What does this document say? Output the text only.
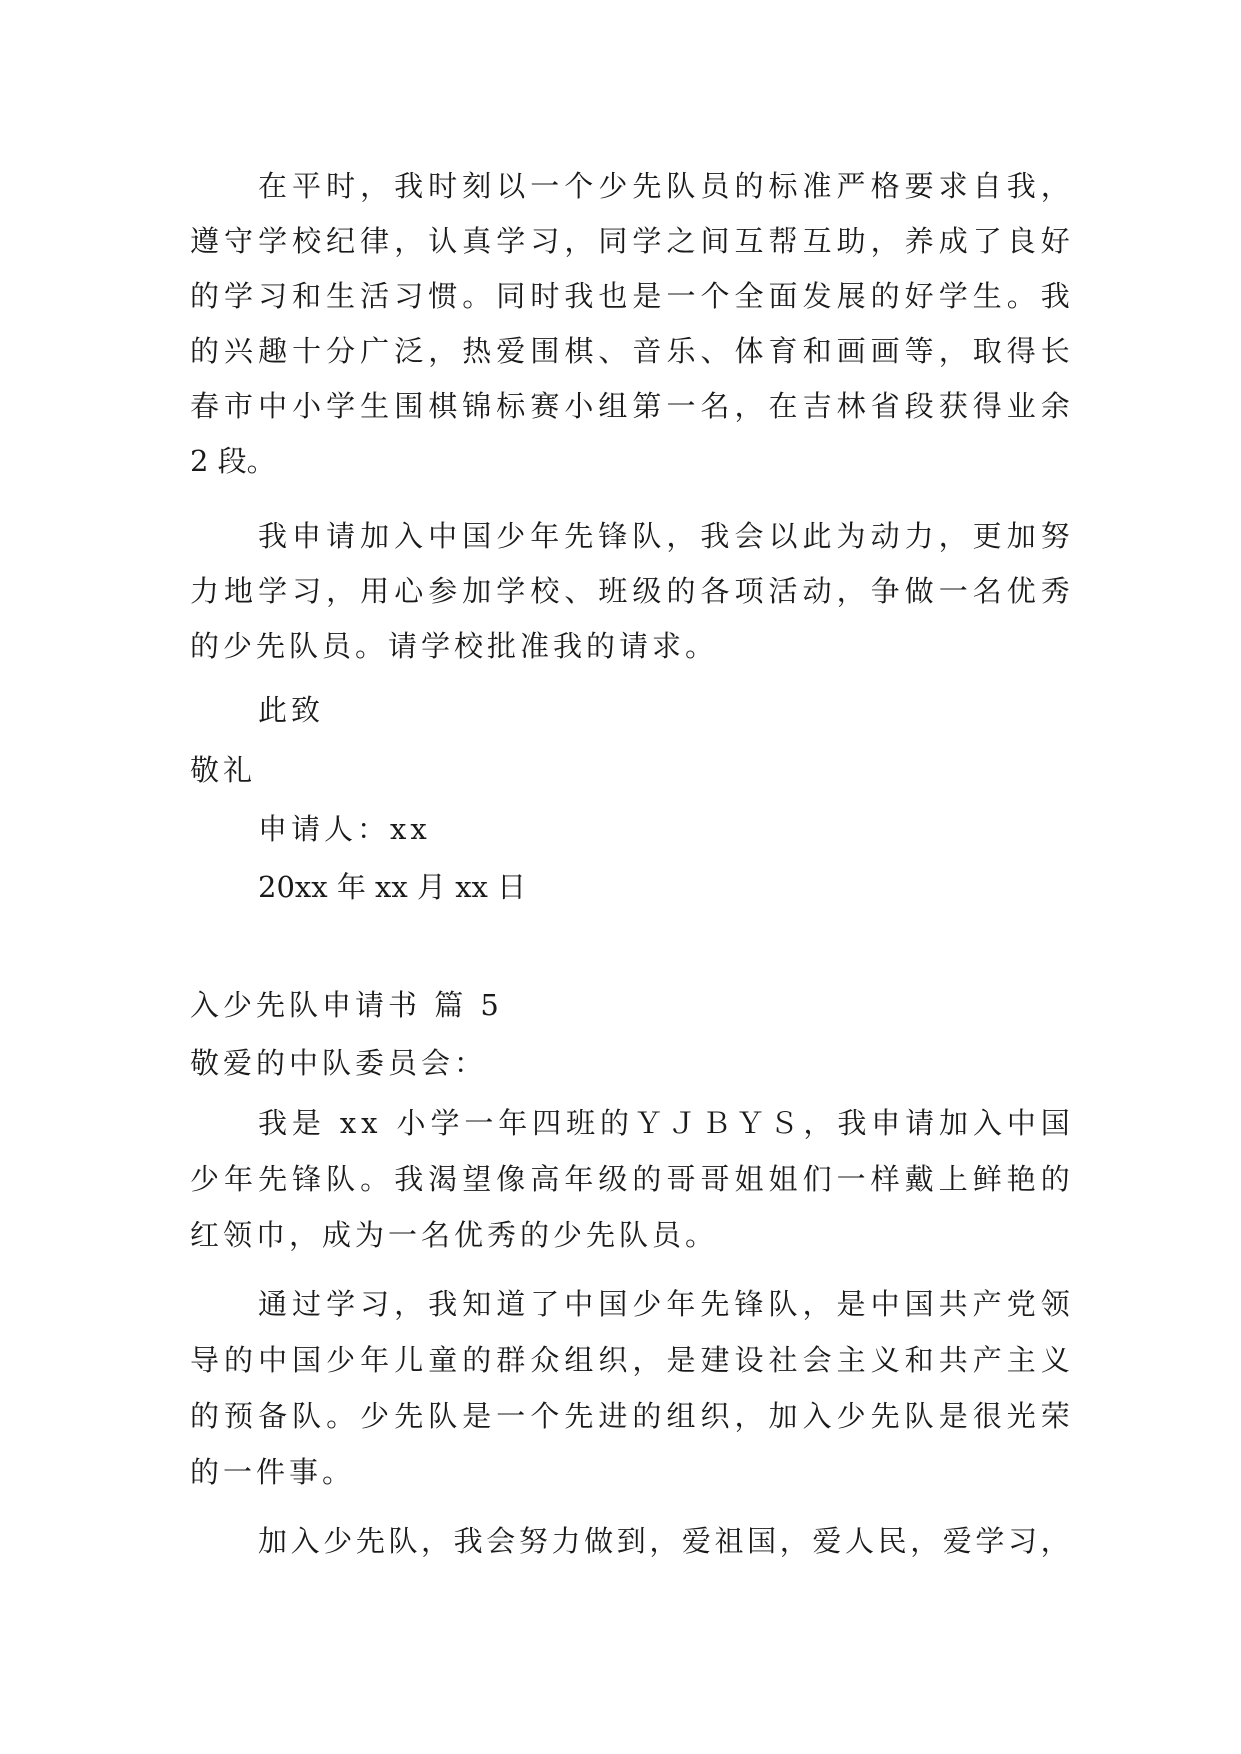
在 平 时 ， 我 时 刻 以 一 个 少 先 队 员 的 标 准 严 格 要 求 自 我 ，
遵 守 学 校 纪 律 ， 认 真 学 习 ， 同 学 之 间 互 帮 互 助 ， 养 成 了 良 好
的 学 习 和 生 活 习 惯 。 同 时 我 也 是 一 个 全 面 发 展 的 好 学 生 。 我
的 兴 趣 十 分 广 泛 ， 热 爱 围 棋 、 音 乐 、 体 育 和 画 画 等 ， 取 得 长
春 市 中 小 学 生 围 棋 锦 标 赛 小 组 第 一 名 ， 在 吉 林 省 段 获 得 业 余
2 段。
我 申 请 加 入 中 国 少 年 先 锋 队 ， 我 会 以 此 为 动 力 ， 更 加 努
力 地 学 习 ， 用 心 参 加 学 校 、 班 级 的 各 项 活 动 ， 争 做 一 名 优 秀
的少先队员。请学校批准我的请求。
此致
敬礼
申请人：xx
20xx 年 xx 月 xx 日
入少先队申请书 篇 5
敬爱的中队委员会：
我 是
x x
小 学 一 年 四 班 的 Ｙ Ｊ Ｂ Ｙ Ｓ ， 我 申 请 加 入 中 国
少 年 先 锋 队 。 我 渴 望 像 高 年 级 的 哥 哥 姐 姐 们 一 样 戴 上 鲜 艳 的
红领巾，成为一名优秀的少先队员。
通 过 学 习 ， 我 知 道 了 中 国 少 年 先 锋 队 ， 是 中 国 共 产 党 领
导 的 中 国 少 年 儿 童 的 群 众 组 织 ， 是 建 设 社 会 主 义 和 共 产 主 义
的 预 备 队 。 少 先 队 是 一 个 先 进 的 组 织 ， 加 入 少 先 队 是 很 光 荣
的一件事。
加 入 少 先 队 ， 我 会 努 力 做 到 ， 爱 祖 国 ， 爱 人 民 ， 爱 学 习 ，
